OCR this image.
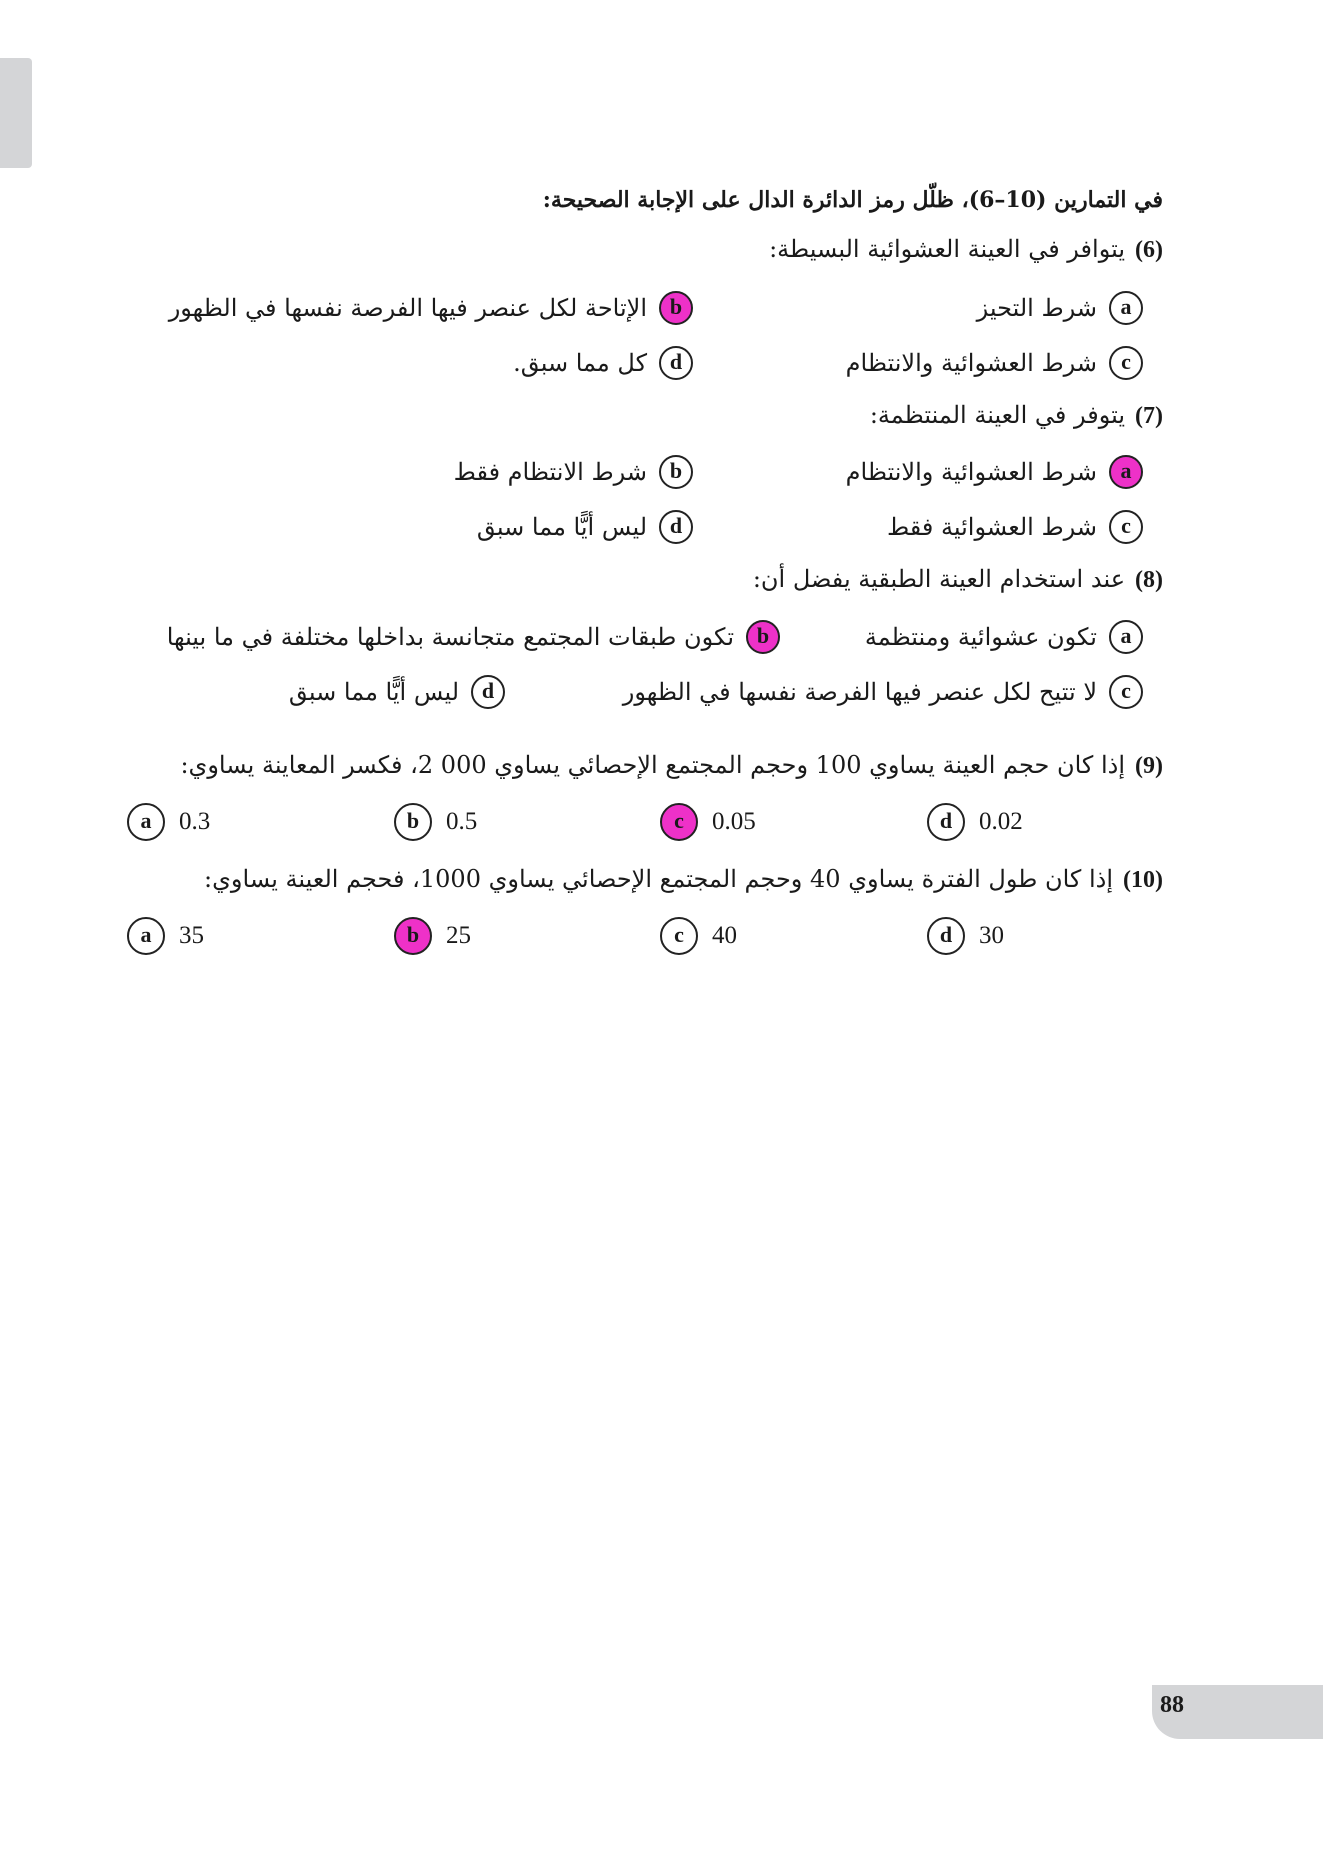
في التمارين (10–6)، ظلّل رمز الدائرة الدال على الإجابة الصحيحة:
(6)يتوافر في العينة العشوائية البسيطة:
a
شرط التحيز
b
الإتاحة لكل عنصر فيها الفرصة نفسها في الظهور
c
شرط العشوائية والانتظام
d
كل مما سبق.
(7)يتوفر في العينة المنتظمة:
a
شرط العشوائية والانتظام
b
شرط الانتظام فقط
c
شرط العشوائية فقط
d
ليس أيًّا مما سبق
(8)عند استخدام العينة الطبقية يفضل أن:
a
تكون عشوائية ومنتظمة
b
تكون طبقات المجتمع متجانسة بداخلها مختلفة في ما بينها
c
لا تتيح لكل عنصر فيها الفرصة نفسها في الظهور
d
ليس أيًّا مما سبق
(9)إذا كان حجم العينة يساوي 100 وحجم المجتمع الإحصائي يساوي 000 2، فكسر المعاينة يساوي:
a	0.3	b	0.5	c	0.05	d	0.02
(10)إذا كان طول الفترة يساوي 40 وحجم المجتمع الإحصائي يساوي 1000، فحجم العينة يساوي:
a	35	b	25	c	40	d	30
88
